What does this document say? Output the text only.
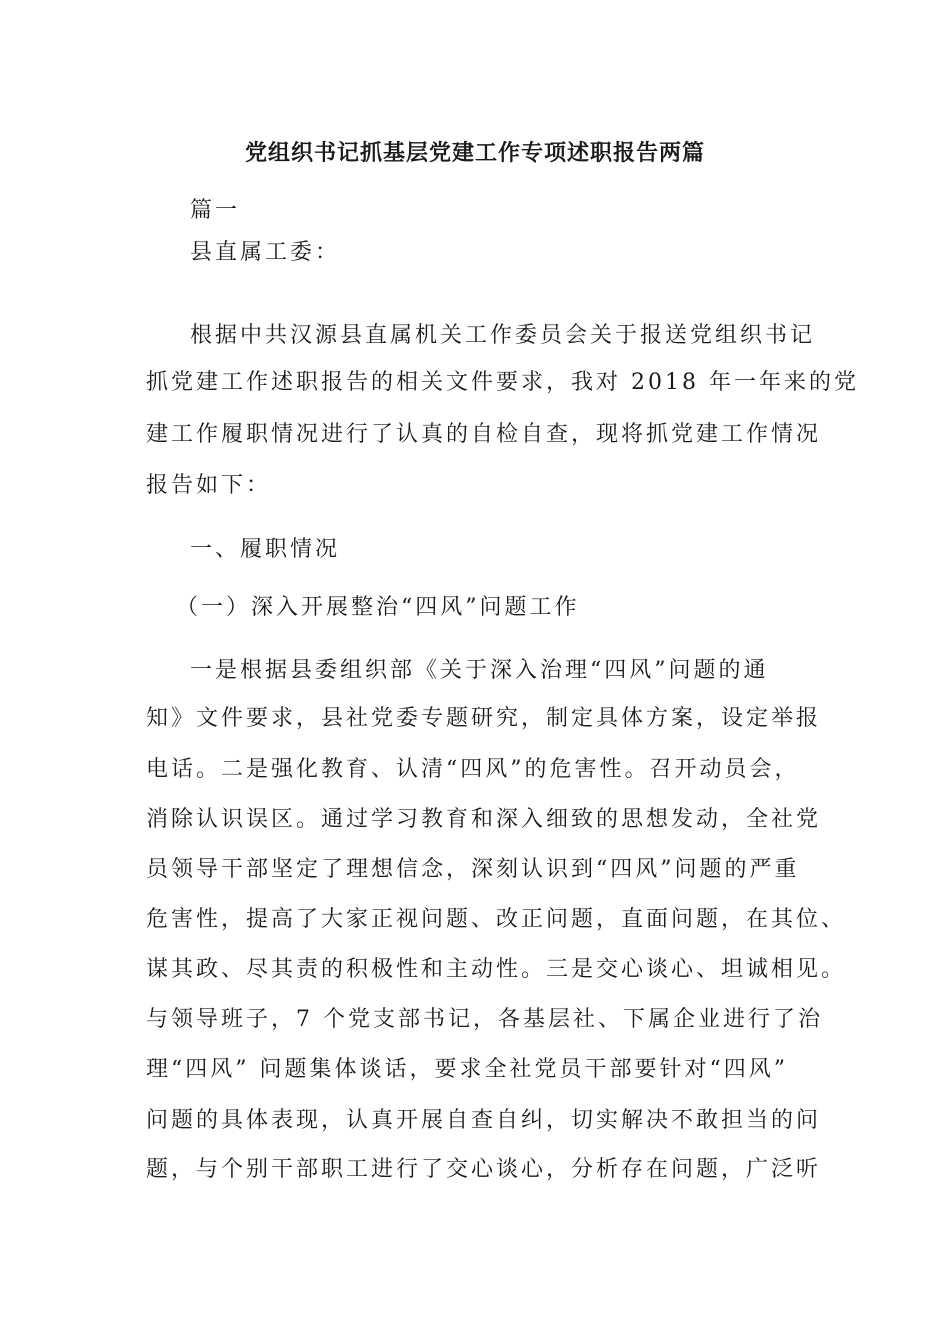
党组织书记抓基层党建工作专项述职报告两篇
篇一
县直属工委：
根据中共汉源县直属机关工作委员会关于报送党组织书记
抓党建工作述职报告的相关文件要求，我对 2018 年一年来的党
建工作履职情况进行了认真的自检自查，现将抓党建工作情况
报告如下：
一、履职情况
（一）深入开展整治“四风”问题工作
一是根据县委组织部《关于深入治理“四风”问题的通
知》文件要求，县社党委专题研究，制定具体方案，设定举报
电话。二是强化教育、认清“四风”的危害性。召开动员会，
消除认识误区。通过学习教育和深入细致的思想发动，全社党
员领导干部坚定了理想信念，深刻认识到“四风”问题的严重
危害性，提高了大家正视问题、改正问题，直面问题，在其位、
谋其政、尽其责的积极性和主动性。三是交心谈心、坦诚相见。
与领导班子，7 个党支部书记，各基层社、下属企业进行了治
理“四风” 问题集体谈话，要求全社党员干部要针对“四风”
问题的具体表现，认真开展自查自纠，切实解决不敢担当的问
题，与个别干部职工进行了交心谈心，分析存在问题，广泛听
